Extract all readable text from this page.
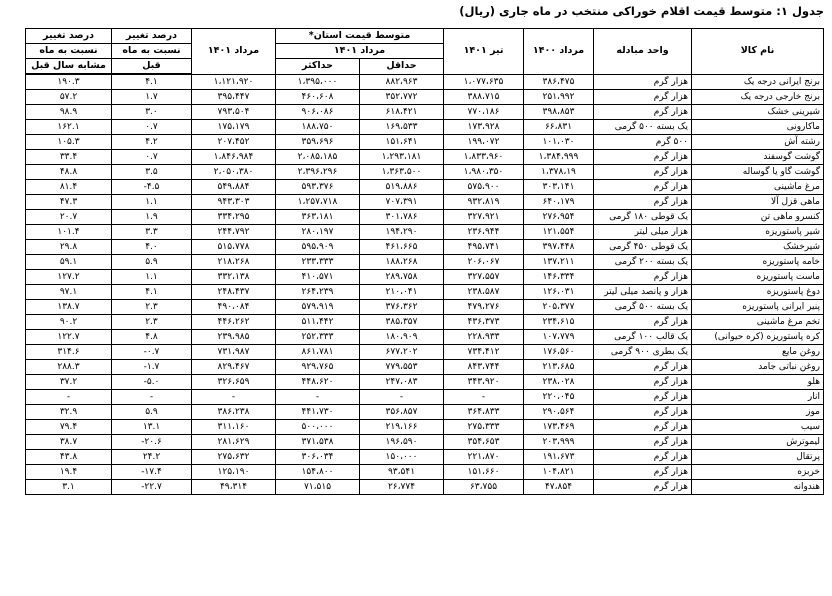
جدول ۱: متوسط قیمت اقلام خوراکی منتخب در ماه جاری (ریال)
نام کالا	واحد مبادله	مرداد ۱۴۰۰	تیر ۱۴۰۱	متوسط قیمت استان*		مرداد ۱۴۰۱	درصد تغییر	درصد تغییر
				مرداد ۱۴۰۱			نسبت به ماه	نسبت به ماه
				حداقل	حداکثر		قبل	مشابه سال قبل
برنج ایرانی درجه یک	هزار گرم	۳۸۶،۴۷۵	۱،۰۷۷،۶۳۵	۸۸۲،۹۶۳	۱،۳۹۵،۰۰۰	۱،۱۲۱،۹۲۰	۴.۱	۱۹۰.۳
برنج خارجی درجه یک	هزار گرم	۲۵۱،۹۹۲	۳۸۸،۷۱۵	۳۵۲،۷۷۲	۴۶۰،۶۰۸	۳۹۵،۴۴۷	۱.۷	۵۷.۲
شیرینی خشک	هزار گرم	۳۹۸،۸۵۳	۷۷۰،۱۸۶	۶۱۸،۴۲۱	۹۰۶،۰۸۶	۷۹۳،۵۰۴	۳.۰	۹۸.۹
ماکارونی	یک بسته ۵۰۰ گرمی	۶۶،۸۳۱	۱۷۳،۹۲۸	۱۶۹،۵۳۳	۱۸۸،۷۵۰	۱۷۵،۱۷۹	۰.۷	۱۶۲.۱
رشته آش	۵۰۰ گرم	۱۰۱،۰۳۰	۱۹۹،۰۷۲	۱۵۱،۶۴۱	۳۵۹،۶۹۶	۲۰۷،۴۵۲	۴.۲	۱۰۵.۳
گوشت گوسفند	هزار گرم	۱،۳۸۴،۹۹۹	۱،۸۳۳،۹۶۰	۱،۲۹۳،۱۸۱	۲،۰۸۵،۱۸۵	۱،۸۴۶،۹۸۴	۰.۷	۳۳.۴
گوشت گاو یا گوساله	هزار گرم	۱،۳۷۸،۱۹	۱،۹۸۰،۳۵۰	۱،۳۶۳،۵۰۰	۲،۳۹۶،۲۹۶	۲،۰۵۰،۳۸۰	۳.۵	۴۸.۸
مرغ ماشینی	هزار گرم	۳۰۳،۱۴۱	۵۷۵،۹۰۰	۵۱۹،۸۸۶	۵۹۳،۳۷۶	۵۴۹،۸۸۴	-۴.۵	۸۱.۴
ماهی قزل آلا	هزار گرم	۶۴۰،۱۷۹	۹۳۲،۸۱۹	۷۰۷،۳۹۱	۱،۲۵۷،۷۱۸	۹۴۳،۳۰۳	۱.۱	۴۷.۳
کنسرو ماهی تن	یک قوطی ۱۸۰ گرمی	۲۷۶،۹۵۴	۳۲۷،۹۲۱	۳۰۱،۷۸۶	۳۶۳،۱۸۱	۳۳۴،۲۹۵	۱.۹	۲۰.۷
شیر پاستوریزه	هزار میلی لیتر	۱۲۱،۵۵۴	۲۳۶،۹۴۴	۱۹۴،۲۹۰	۲۸۰،۱۹۷	۲۴۴،۷۹۲	۳.۳	۱۰۱.۴
شیرخشک	یک قوطی ۴۵۰ گرمی	۳۹۷،۴۴۸	۴۹۵،۷۴۱	۴۶۱،۶۶۵	۵۹۵،۹۰۹	۵۱۵،۷۷۸	۴.۰	۲۹.۸
خامه پاستوریزه	یک بسته ۲۰۰ گرمی	۱۳۷،۲۱۱	۲۰۶،۰۶۷	۱۸۸،۲۶۸	۲۳۳،۳۳۳	۲۱۸،۲۶۸	۵.۹	۵۹.۱
ماست پاستوریزه	هزار گرم	۱۴۶،۳۳۴	۳۲۷،۵۵۷	۲۸۹،۷۵۸	۴۱۰،۵۷۱	۳۳۲،۱۳۸	۱.۱	۱۲۷.۲
دوغ پاستوریزه	هزار و پانصد میلی لیتر	۱۲۶،۰۳۱	۲۳۸،۵۸۷	۲۱۰،۰۴۱	۲۶۴،۲۳۹	۲۴۸،۴۳۷	۴.۱	۹۷.۱
پنیر ایرانی پاستوریزه	یک بسته ۵۰۰ گرمی	۲۰۵،۳۷۷	۴۷۹،۲۷۶	۳۷۶،۳۶۲	۵۷۹،۹۱۹	۴۹۰،۰۸۴	۲.۳	۱۳۸.۷
تخم مرغ ماشینی	هزار گرم	۲۳۴،۶۱۵	۴۳۶،۳۷۳	۳۸۵،۳۵۷	۵۱۱،۴۴۲	۴۴۶،۲۶۲	۲.۳	۹۰.۲
کره پاستوریزه (کره حیوانی)	یک قالب ۱۰۰ گرمی	۱۰۷،۷۷۹	۲۲۸،۹۳۳	۱۸۰،۹۰۹	۲۵۲،۳۳۳	۲۳۹،۹۸۵	۴.۸	۱۲۲.۷
روغن مایع	یک بطری ۹۰۰ گرمی	۱۷۶،۵۶۰	۷۳۴،۴۱۲	۶۷۷،۲۰۲	۸۶۱،۷۸۱	۷۳۱،۹۸۷	-۰.۷	۳۱۴.۶
روغن نباتی جامد	هزار گرم	۲۱۳،۶۸۵	۸۴۳،۷۴۴	۷۷۹،۵۵۳	۹۲۹،۷۶۵	۸۲۹،۴۶۷	-۱.۷	۲۸۸.۳
هلو	هزار گرم	۲۳۸،۰۲۸	۳۴۳،۹۲۰	۲۴۷،۰۸۳	۴۴۸،۶۲۰	۳۲۶،۶۵۹	-۵.۰	۳۷.۲
انار	هزار گرم	۲۲۰،۰۴۵	-	-	-	-	-	-
موز	هزار گرم	۲۹۰،۵۶۴	۳۶۴،۸۳۳	۳۵۶،۸۵۷	۴۴۱،۷۳۰	۳۸۶،۲۳۸	۵.۹	۳۲.۹
سیب	هزار گرم	۱۷۳،۴۶۹	۲۷۵،۳۳۳	۲۱۹،۱۶۶	۵۰۰،۰۰۰	۳۱۱،۱۶۰	۱۳.۱	۷۹.۴
لیموترش	هزار گرم	۲۰۳،۹۹۹	۳۵۴،۶۵۳	۱۹۶،۵۹۰	۳۷۱،۵۳۸	۲۸۱،۶۲۹	-۲۰.۶	۳۸.۷
پرتقال	هزار گرم	۱۹۱،۶۷۳	۲۲۱،۸۷۰	۱۵۰،۰۰۰	۳۰۶،۰۳۴	۲۷۵،۶۳۲	۲۴.۲	۴۳.۸
خربزه	هزار گرم	۱۰۴،۸۲۱	۱۵۱،۶۶۰	۹۳،۵۴۱	۱۵۴،۸۰۰	۱۲۵،۱۹۰	-۱۷.۴	۱۹.۴
هندوانه	هزار گرم	۴۷،۸۵۴	۶۳،۷۵۵	۲۶،۷۷۴	۷۱،۵۱۵	۴۹،۳۱۴	-۲۲.۷	۳.۱
